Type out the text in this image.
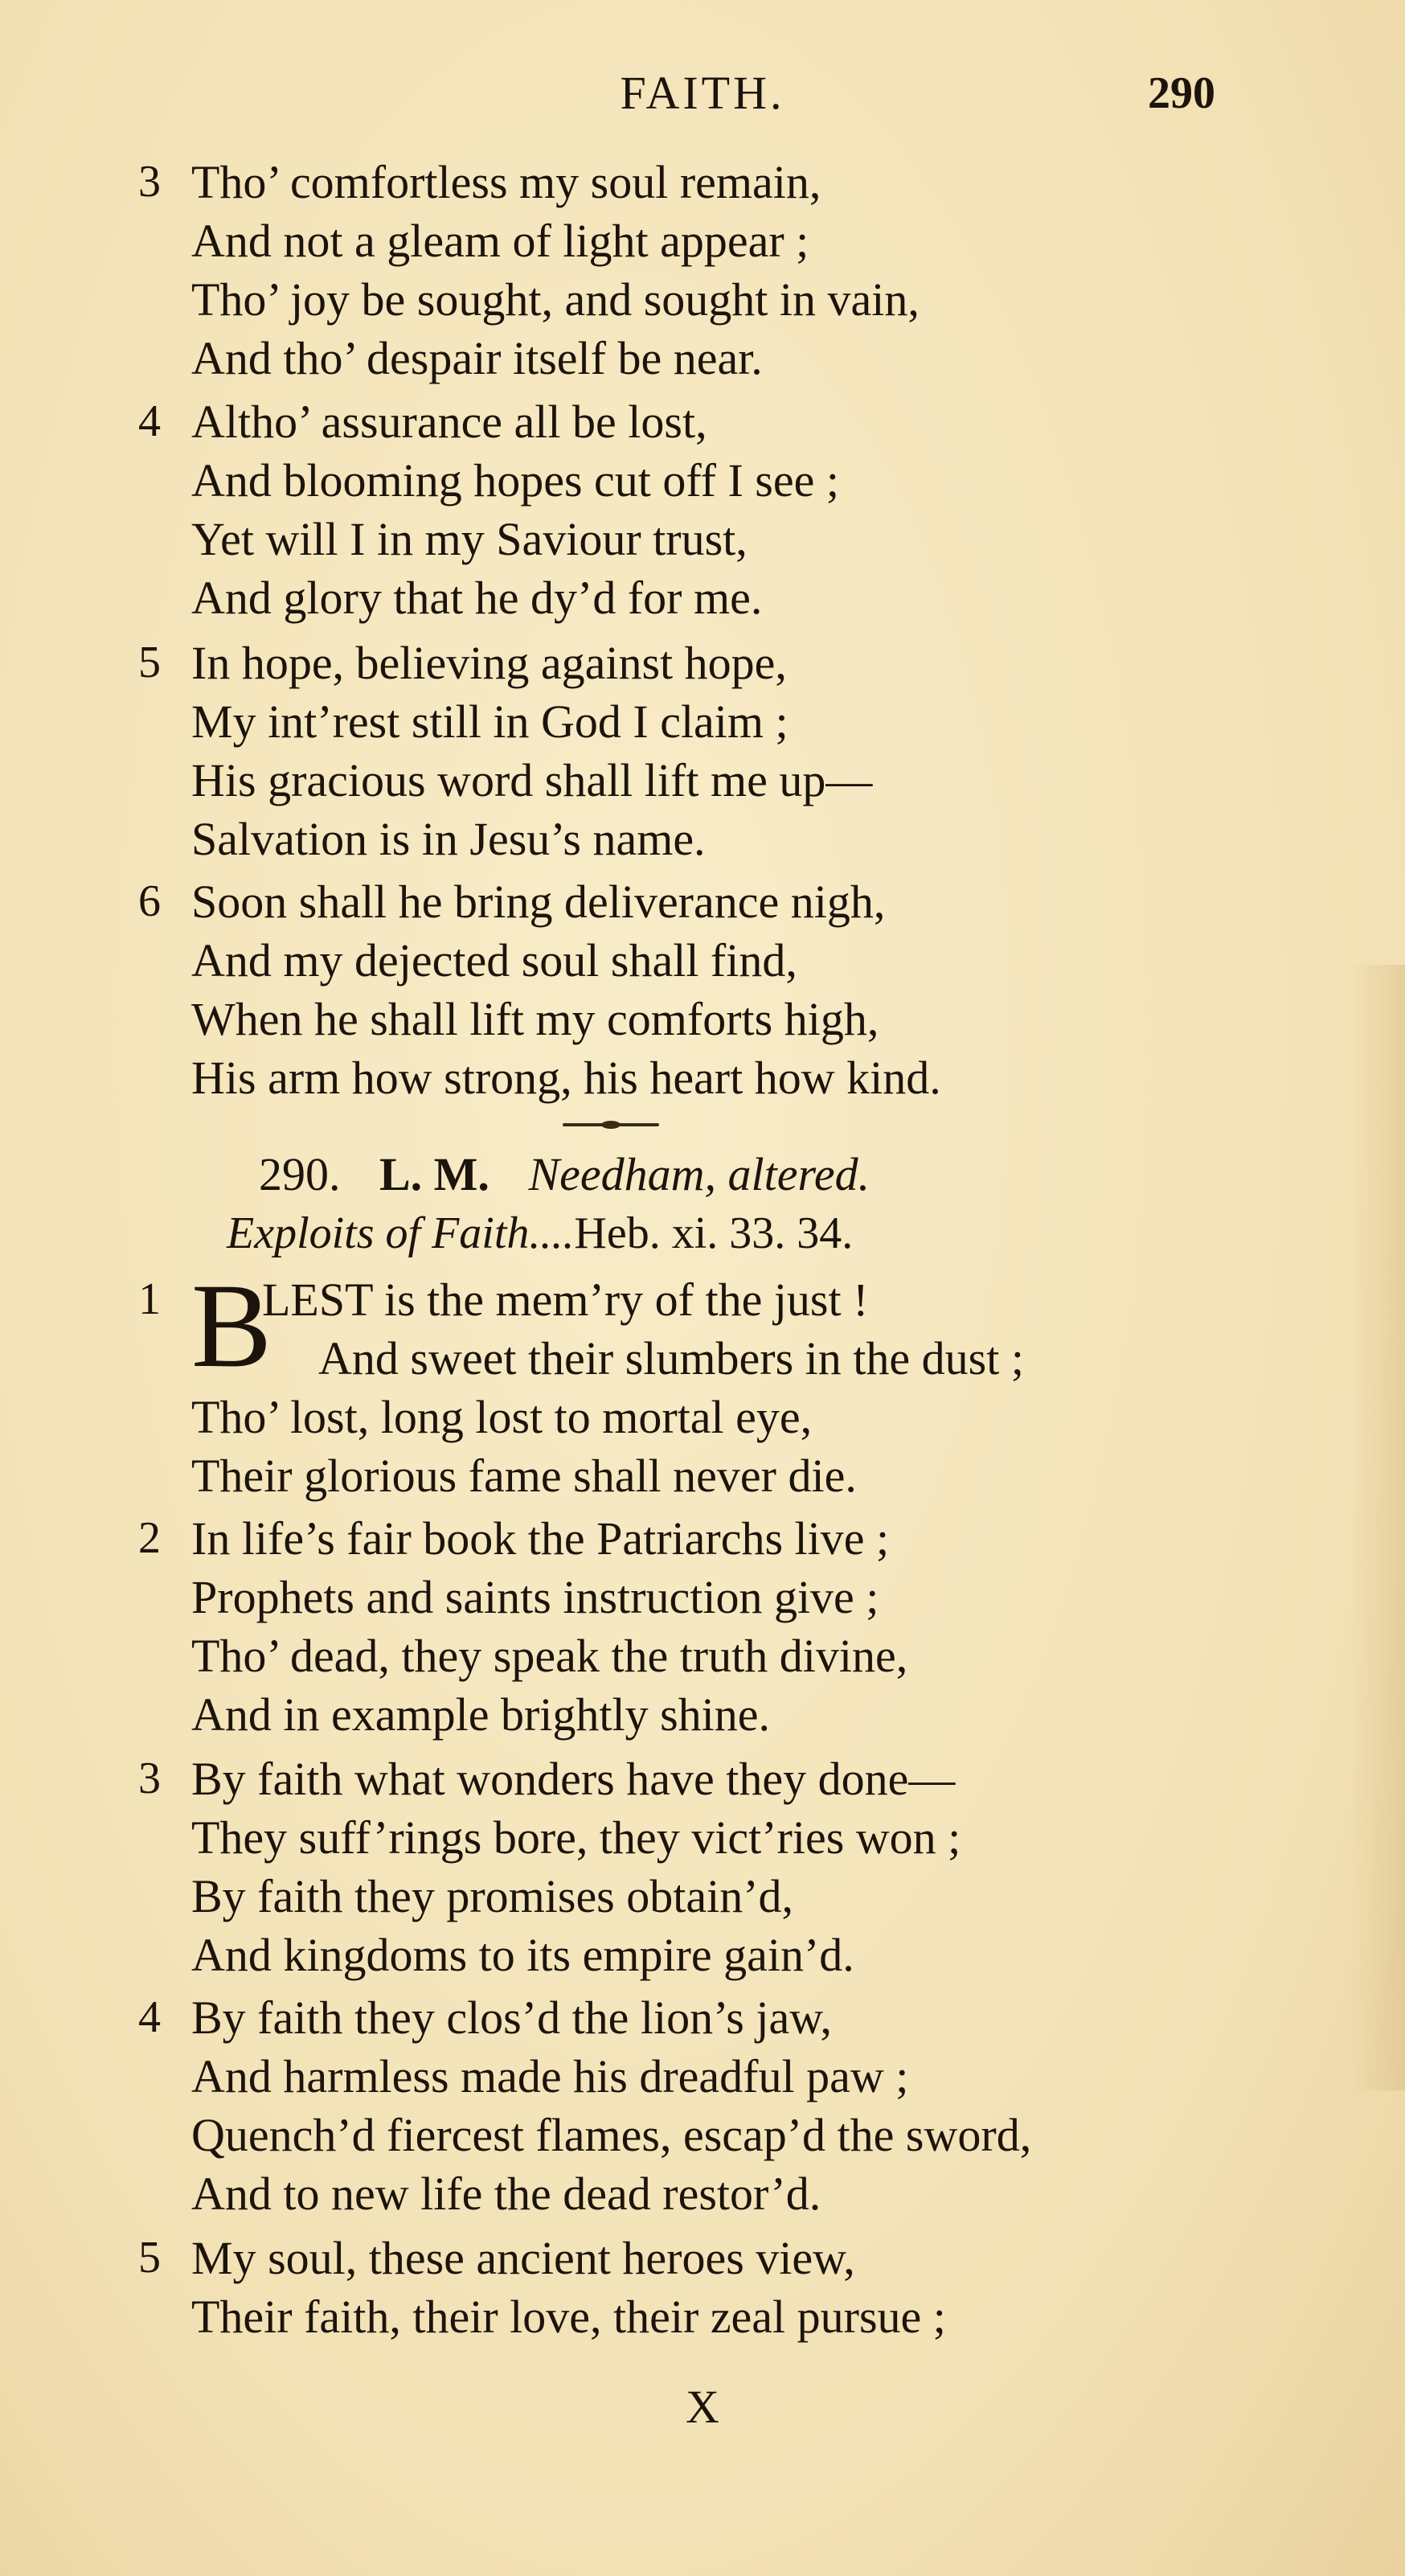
FAITH.	290
3 Tho’ comfortless my soul remain,
And not a gleam of light appear ;
Tho’ joy be sought, and sought in vain,
And tho’ despair itself be near.
4 Altho’ assurance all be lost,
And blooming hopes cut off I see ;
Yet will I in my Saviour trust,
And glory that he dy’d for me.
5 In hope, believing against hope,
My int’rest still in God I claim ;
His gracious word shall lift me up—
Salvation is in Jesu’s name.
6 Soon shall he bring deliverance nigh,
And my dejected soul shall find,
When he shall lift my comforts high,
His arm how strong, his heart how kind.
290. L. M. Needham, altered.
Exploits of Faith....Heb. xi. 33. 34.
1 B
LEST is the mem’ry of the just !
And sweet their slumbers in the dust ;
Tho’ lost, long lost to mortal eye,
Their glorious fame shall never die.
2 In life’s fair book the Patriarchs live ;
Prophets and saints instruction give ;
Tho’ dead, they speak the truth divine,
And in example brightly shine.
3 By faith what wonders have they done—
They suff’rings bore, they vict’ries won ;
By faith they promises obtain’d,
And kingdoms to its empire gain’d.
4 By faith they clos’d the lion’s jaw,
And harmless made his dreadful paw ;
Quench’d fiercest flames, escap’d the sword,
And to new life the dead restor’d.
5 My soul, these ancient heroes view,
Their faith, their love, their zeal pursue ;
X
